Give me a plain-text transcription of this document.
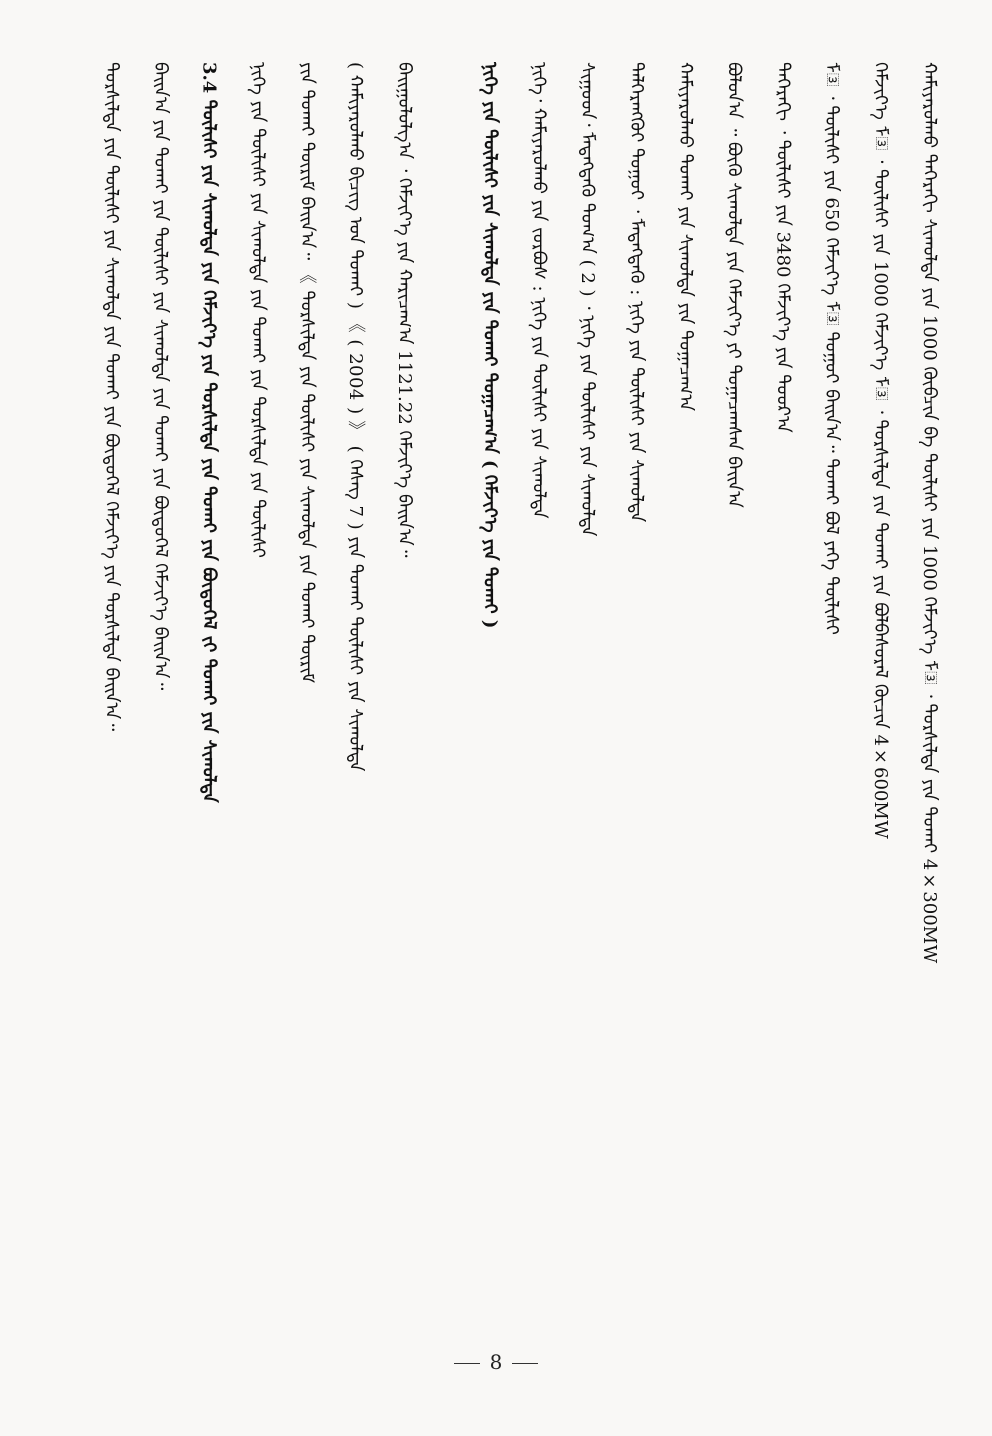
ᠬᠠᠮᠢᠶᠠᠷᠤᠯᠬᠤ ᠳᠡᠭᠡᠷᠡᠬᠢ ᠰᠢᠬᠤᠯᠲᠠ ᠶᠢᠨ 1000 ᠬᠦᠪᠴᠢᠨ ᠪᠠ ᠲᠦᠯᠢᠰᠢ ᠶᠢᠨ 1000 ᠬᠡᠮᠵᠢᠶ᠎ᠡ ᠮ᠍ ᠂ ᠲᠤᠷᠰᠢᠯᠲᠠ ᠶᠢᠨ ᠲᠤᠬᠠᠢ 4×300MW
ᠬᠡᠮᠵᠢᠶ᠎ᠡ ᠮ᠍ ᠂ ᠲᠦᠯᠢᠰᠢ ᠶᠢᠨ 1000 ᠬᠡᠮᠵᠢᠶ᠎ᠡ ᠮ᠍ ᠂ ᠳᠤᠷᠰᠢᠯᠲᠠ ᠶᠢᠨ ᠲᠤᠬᠠᠢ ᠶᠢᠨ ᠪᠤᠯᠪᠠᠰᠤᠷᠠᠯ ᠬᠦᠴᠢᠨ 4×600MW
ᠮ᠍ ᠂ ᠲᠦᠯᠢᠰᠢ ᠶᠢᠨ 650 ᠬᠡᠮᠵᠢᠶ᠎ᠡ ᠮ᠍ ᠳᠤᠭᠤᠢ ᠪᠠᠢᠨ᠎ᠠ᠃ ᠲᠤᠬᠠᠢ ᠪᠤᠯ ᠶᠡᠬᠡ ᠲᠦᠯᠢᠰᠢ
ᠳᠡᠭᠡᠷᠡᠬᠢ ᠂ ᠲᠦᠯᠢᠰᠢ ᠶᠢᠨ 3480 ᠬᠡᠮᠵᠢᠶ᠎ᠡ ᠶᠢᠨ ᠳᠤᠤᠷ᠎ᠠ
ᠪᠤᠯᠤᠨ᠎ᠠ ᠃ ᠪᠦᠬᠦ ᠰᠢᠬᠤᠯᠲᠠ ᠶᠢᠨ ᠬᠡᠮᠵᠢᠶ᠎ᠡ ᠶᠢ ᠲᠣᠭᠠᠴᠠᠭᠰᠠᠨ ᠪᠠᠢᠨ᠎ᠠ
ᠬᠠᠮᠢᠶᠠᠷᠤᠯᠬᠤ ᠲᠤᠬᠠᠢ ᠶᠢᠨ ᠰᠢᠬᠤᠯᠲᠠ ᠶᠢᠨ ᠲᠤᠭᠠᠴᠠᠭ᠎ᠠ
ᠳᠡᠯᠭᠡᠷᠡᠩᠭᠦᠢ ᠳᠤᠭᠤᠢ ᠂ ᠮᠡᠳᠡᠭᠳᠡᠬᠦ : ᠨᠢᠭᠡ ᠶᠢᠨ ᠲᠦᠯᠢᠰᠢ ᠶᠢᠨ ᠰᠢᠬᠤᠯᠲᠠ
ᠰᠢᠭᠤᠳ᠂ ᠮᠡᠳᠡᠭᠳᠡᠬᠦ ᠲᠤᠭ᠎ᠠ ( 2 ) ᠂ ᠨᠢᠭᠡ ᠶᠢᠨ ᠲᠦᠯᠢᠰᠢ ᠶᠢᠨ ᠰᠢᠬᠤᠯᠲᠠ
ᠨᠢᠭᠡ᠂ ᠬᠠᠮᠢᠶᠠᠷᠤᠯᠬᠤ ᠶᠢᠨ ᠵᠤᠷᠪᠤᠰ : ᠨᠢᠭᠡ ᠶᠢᠨ ᠲᠦᠯᠢᠰᠢ ᠶᠢᠨ ᠰᠢᠬᠤᠯᠲᠠ
ᠨᠢᠭᠡ ᠶᠢᠨ ᠲᠦᠯᠢᠰᠢ ᠶᠢᠨ ᠰᠢᠬᠤᠯᠲᠠ ᠶᠢᠨ ᠲᠤᠬᠠᠢ ᠲᠤᠭᠠᠴᠠᠭ᠎ᠠ ( ᠬᠡᠮᠵᠢᠶ᠎ᠡ ᠶᠢᠨ ᠲᠤᠬᠠᠢ )
ᠪᠠᠢᠭᠤᠯᠤᠯᠭ᠎ᠠ ᠂ ᠬᠡᠮᠵᠢᠶ᠎ᠡ ᠶᠢᠨ ᠬᠠᠷᠢᠴᠠᠭ᠎ᠠ 1121.22 ᠬᠡᠮᠵᠢᠶ᠎ᠡ ᠪᠠᠢᠨ᠎ᠠ᠃
( ᠬᠠᠮᠢᠶᠠᠷᠤᠯᠬᠤ ᠪᠢᠴᠢᠭ ᠤᠨ ᠲᠤᠬᠠᠢ ) 《 ( 2004 ) 》 ( ᠬᠡᠰᠡᠭ 7 ) ᠶᠢᠨ ᠲᠤᠬᠠᠢ ᠲᠦᠯᠢᠰᠢ ᠶᠢᠨ ᠰᠢᠬᠤᠯᠲᠠ
ᠶᠢᠨ ᠲᠤᠬᠠᠢ ᠳᠦᠷᠢᠮ ᠪᠠᠢᠨ᠎ᠠ᠃ 《 ᠲᠤᠷᠰᠢᠯᠲᠠ ᠶᠢᠨ ᠲᠦᠯᠢᠰᠢ ᠶᠢᠨ ᠰᠢᠬᠤᠯᠲᠠ ᠶᠢᠨ ᠲᠤᠬᠠᠢ ᠳᠦᠷᠢᠮ
ᠨᠢᠭᠡ ᠶᠢᠨ ᠲᠦᠯᠢᠰᠢ ᠶᠢᠨ ᠰᠢᠬᠤᠯᠲᠠ ᠶᠢᠨ ᠲᠤᠬᠠᠢ ᠶᠢᠨ ᠲᠤᠷᠰᠢᠯᠲᠠ ᠶᠢᠨ ᠲᠦᠯᠢᠰᠢ
3.4 ᠲᠦᠯᠢᠰᠢ ᠶᠢᠨ ᠰᠢᠬᠤᠯᠲᠠ ᠶᠢᠨ ᠬᠡᠮᠵᠢᠶ᠎ᠡ ᠶᠢᠨ ᠲᠤᠷᠰᠢᠯᠲᠠ ᠶᠢᠨ ᠲᠤᠬᠠᠢ ᠶᠢᠨ ᠪᠦᠲᠦᠭᠡᠯ ᠵᠢ ᠲᠤᠬᠠᠢ ᠶᠢᠨ ᠰᠢᠬᠤᠯᠲᠠ
ᠪᠠᠢᠨ᠎ᠠ ᠶᠢᠨ ᠲᠤᠬᠠᠢ ᠶᠢᠨ ᠲᠦᠯᠢᠰᠢ ᠶᠢᠨ ᠰᠢᠬᠤᠯᠲᠠ ᠶᠢᠨ ᠲᠤᠬᠠᠢ ᠶᠢᠨ ᠪᠦᠲᠦᠭᠡᠯ ᠬᠡᠮᠵᠢᠶ᠎ᠡ ᠪᠠᠢᠨ᠎ᠠ᠃
ᠲᠤᠷᠰᠢᠯᠲᠠ ᠶᠢᠨ ᠲᠦᠯᠢᠰᠢ ᠶᠢᠨ ᠰᠢᠬᠤᠯᠲᠠ ᠶᠢᠨ ᠲᠤᠬᠠᠢ ᠶᠢᠨ ᠪᠦᠲᠦᠭᠡᠯ ᠬᠡᠮᠵᠢᠶ᠎ᠡ ᠶᠢᠨ ᠲᠤᠷᠰᠢᠯᠲᠠ ᠪᠠᠢᠨ᠎ᠠ᠃
8
